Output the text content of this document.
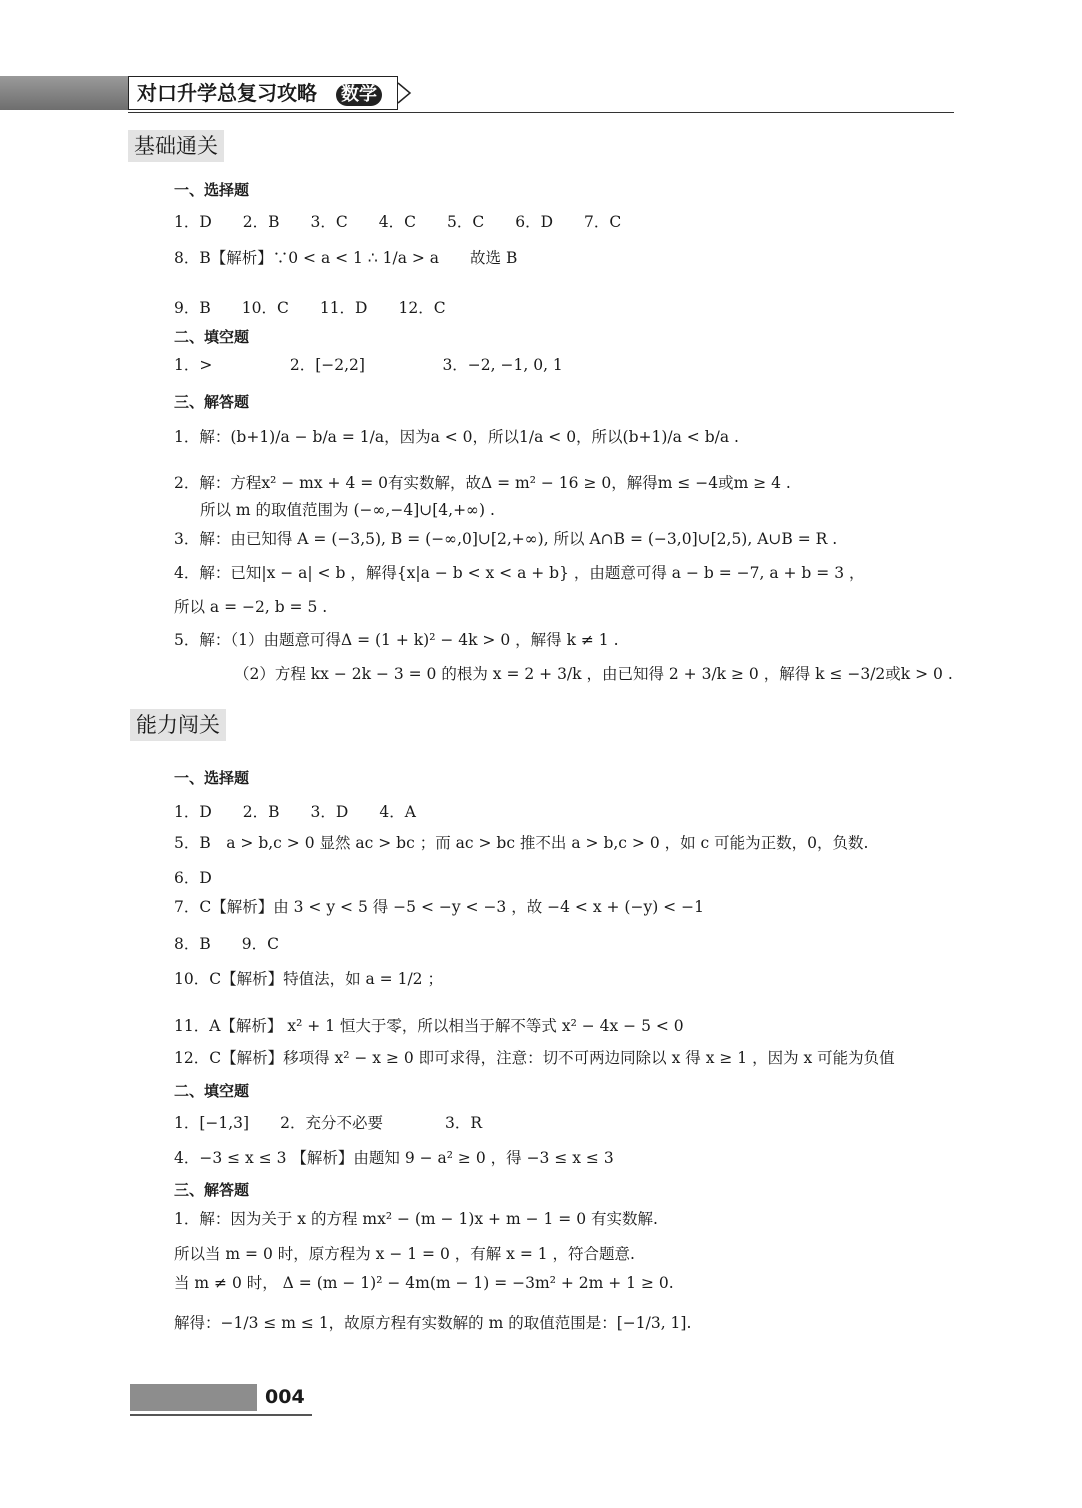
对口升学总复习攻略 数学
基础通关
一、选择题
1．D　　2．B　　3．C　　4．C　　5．C　　6．D　　7．C
8．B【解析】∵0 < a < 1 ∴ 1/a > a　　故选 B
9．B　　10．C　　11．D　　12．C
二、填空题
1．>　　　　　2．[−2,2]　　　　　3．−2, −1, 0, 1
三、解答题
1．解：(b+1)/a − b/a = 1/a，因为a < 0，所以1/a < 0，所以(b+1)/a < b/a .
2．解：方程x² − mx + 4 = 0有实数解，故Δ = m² − 16 ≥ 0，解得m ≤ −4或m ≥ 4 .
所以 m 的取值范围为 (−∞,−4]∪[4,+∞) .
3．解：由已知得 A = (−3,5), B = (−∞,0]∪[2,+∞), 所以 A∩B = (−3,0]∪[2,5), A∪B = R .
4．解：已知|x − a| < b ，解得{x|a − b < x < a + b} ，由题意可得 a − b = −7, a + b = 3 ，
所以 a = −2, b = 5 .
5．解：（1）由题意可得Δ = (1 + k)² − 4k > 0 ，解得 k ≠ 1 .
（2）方程 kx − 2k − 3 = 0 的根为 x = 2 + 3/k ，由已知得 2 + 3/k ≥ 0 ，解得 k ≤ −3/2或k > 0 .
能力闯关
一、选择题
1．D　　2．B　　3．D　　4．A
5．B　a > b,c > 0 显然 ac > bc ；而 ac > bc 推不出 a > b,c > 0 ，如 c 可能为正数，0，负数.
6．D
7．C【解析】由 3 < y < 5 得 −5 < −y < −3 ，故 −4 < x + (−y) < −1
8．B　　9．C
10．C【解析】特值法，如 a = 1/2 ；
11．A【解析】 x² + 1 恒大于零，所以相当于解不等式 x² − 4x − 5 < 0
12．C【解析】移项得 x² − x ≥ 0 即可求得，注意：切不可两边同除以 x 得 x ≥ 1 ，因为 x 可能为负值
二、填空题
1．[−1,3]　　2．充分不必要　　　　3．R
4．−3 ≤ x ≤ 3 【解析】由题知 9 − a² ≥ 0 ，得 −3 ≤ x ≤ 3
三、解答题
1．解：因为关于 x 的方程 mx² − (m − 1)x + m − 1 = 0 有实数解.
所以当 m = 0 时，原方程为 x − 1 = 0 ，有解 x = 1 ，符合题意.
当 m ≠ 0 时， Δ = (m − 1)² − 4m(m − 1) = −3m² + 2m + 1 ≥ 0.
解得：−1/3 ≤ m ≤ 1，故原方程有实数解的 m 的取值范围是：[−1/3, 1].
004
